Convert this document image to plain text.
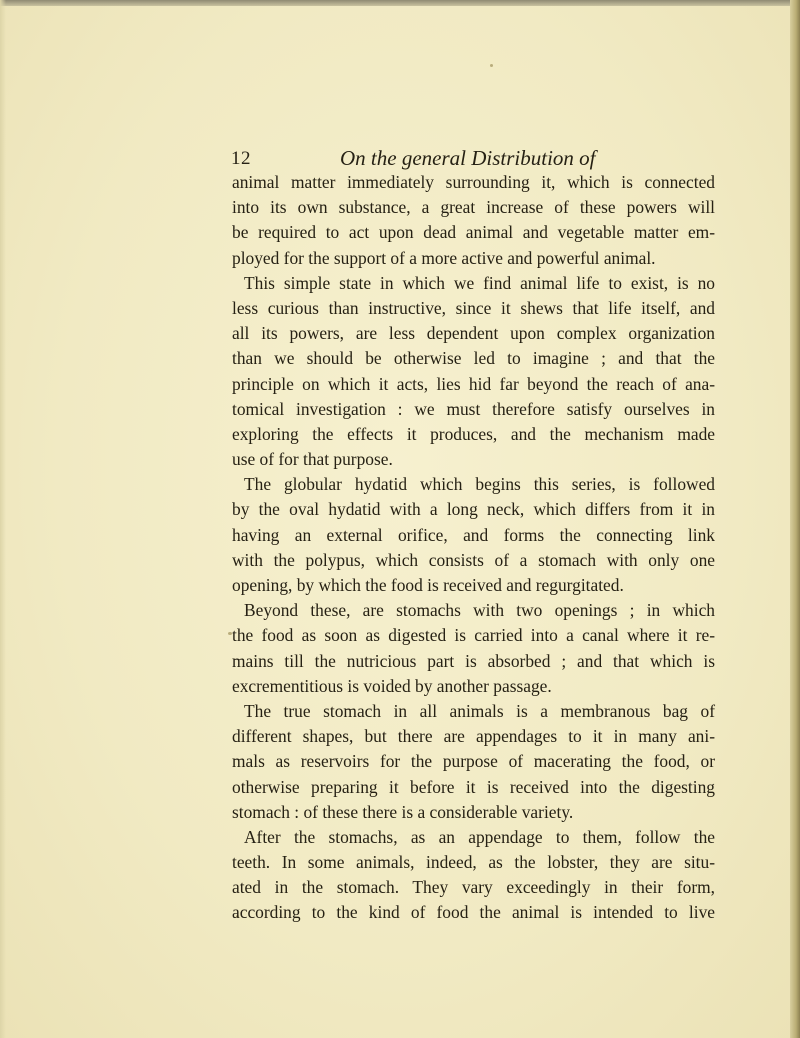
12	On the general Distribution of
animal matter immediately surrounding it, which is connected
into its own substance, a great increase of these powers will
be required to act upon dead animal and vegetable matter em-
ployed for the support of a more active and powerful animal.
This simple state in which we find animal life to exist, is no
less curious than instructive, since it shews that life itself, and
all its powers, are less dependent upon complex organization
than we should be otherwise led to imagine ; and that the
principle on which it acts, lies hid far beyond the reach of ana-
tomical investigation : we must therefore satisfy ourselves in
exploring the effects it produces, and the mechanism made
use of for that purpose.
The globular hydatid which begins this series, is followed
by the oval hydatid with a long neck, which differs from it in
having an external orifice, and forms the connecting link
with the polypus, which consists of a stomach with only one
opening, by which the food is received and regurgitated.
Beyond these, are stomachs with two openings ; in which
the food as soon as digested is carried into a canal where it re-
mains till the nutricious part is absorbed ; and that which is
excrementitious is voided by another passage.
The true stomach in all animals is a membranous bag of
different shapes, but there are appendages to it in many ani-
mals as reservoirs for the purpose of macerating the food, or
otherwise preparing it before it is received into the digesting
stomach : of these there is a considerable variety.
After the stomachs, as an appendage to them, follow the
teeth. In some animals, indeed, as the lobster, they are situ-
ated in the stomach. They vary exceedingly in their form,
according to the kind of food the animal is intended to live
